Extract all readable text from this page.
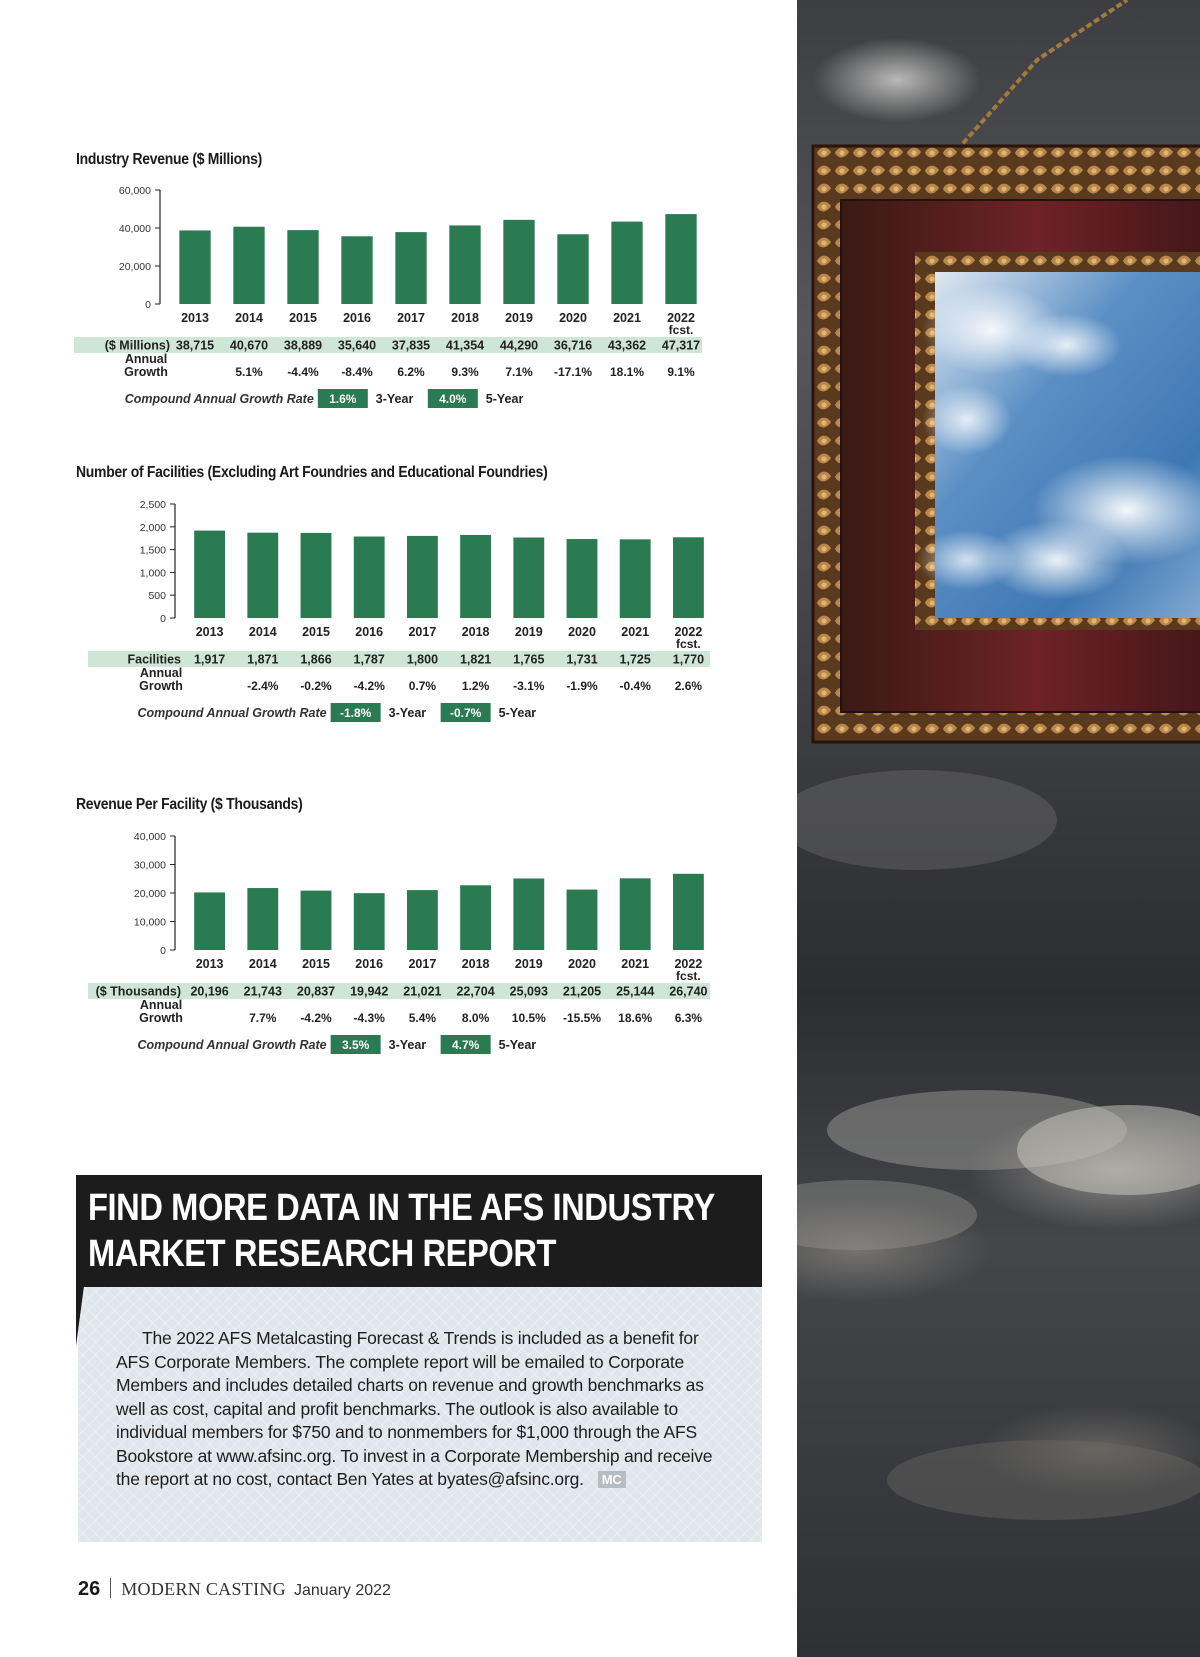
Industry Revenue ($ Millions)
60,000
40,000
20,000
0
2013 2014 2015 2016 2017 2018 2019 2020 2021 2022
fcst.
($ Millions) 38,715 40,670 38,889 35,640 37,835 41,354 44,290 36,716 43,362 47,317
Annual
Growth	5.1% -4.4% -8.4% 6.2% 9.3% 7.1% -17.1% 18.1% 9.1%
Compound Annual Growth Rate 1.6% 3-Year 4.0% 5-Year
Number of Facilities (Excluding Art Foundries and Educational Foundries)
2,500
2,000
1,500
1,000
500
0
2013 2014 2015 2016 2017 2018 2019 2020 2021 2022
fcst.
Facilities 1,917 1,871 1,866 1,787 1,800 1,821 1,765 1,731 1,725 1,770
Annual
Growth	-2.4% -0.2% -4.2% 0.7% 1.2% -3.1% -1.9% -0.4% 2.6%
Compound Annual Growth Rate -1.8% 3-Year -0.7% 5-Year
Revenue Per Facility ($ Thousands)
40,000
30,000
20,000
10,000
0
2013 2014 2015 2016 2017 2018 2019 2020 2021 2022
fcst.
($ Thousands) 20,196 21,743 20,837 19,942 21,021 22,704 25,093 21,205 25,144 26,740
Annual
Growth	7.7% -4.2% -4.3% 5.4% 8.0% 10.5% -15.5% 18.6% 6.3%
Compound Annual Growth Rate 3.5% 3-Year 4.7% 5-Year
FIND MORE DATA IN THE AFS INDUSTRY
MARKET RESEARCH REPORT
The 2022 AFS Metalcasting Forecast & Trends is included as a benefit for AFS Corporate Members. The complete report will be emailed to Corporate Members and includes detailed charts on revenue and growth benchmarks as well as cost, capital and profit benchmarks. The outlook is also available to individual members for $750 and to nonmembers for $1,000 through the AFS Bookstore at www.afsinc.org. To invest in a Corporate Membership and receive the report at no cost, contact Ben Yates at byates@afsinc.org. MC
26 MODERN CASTING January 2022
